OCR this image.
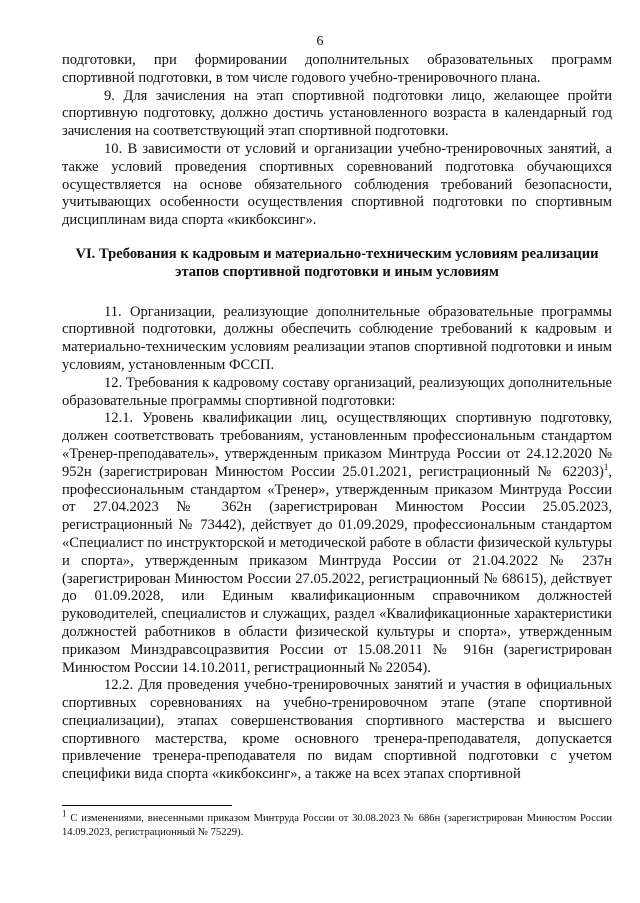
6

подготовки, при формировании дополнительных образовательных программ спортивной подготовки, в том числе годового учебно-тренировочного плана.

9. Для зачисления на этап спортивной подготовки лицо, желающее пройти спортивную подготовку, должно достичь установленного возраста в календарный год зачисления на соответствующий этап спортивной подготовки.

10. В зависимости от условий и организации учебно-тренировочных занятий, а также условий проведения спортивных соревнований подготовка обучающихся осуществляется на основе обязательного соблюдения требований безопасности, учитывающих особенности осуществления спортивной подготовки по спортивным дисциплинам вида спорта «кикбоксинг».

VI. Требования к кадровым и материально-техническим условиям реализации этапов спортивной подготовки и иным условиям

11. Организации, реализующие дополнительные образовательные программы спортивной подготовки, должны обеспечить соблюдение требований к кадровым и материально-техническим условиям реализации этапов спортивной подготовки и иным условиям, установленным ФССП.

12. Требования к кадровому составу организаций, реализующих дополнительные образовательные программы спортивной подготовки:

12.1. Уровень квалификации лиц, осуществляющих спортивную подготовку, должен соответствовать требованиям, установленным профессиональным стандартом «Тренер-преподаватель», утвержденным приказом Минтруда России от 24.12.2020 № 952н (зарегистрирован Минюстом России 25.01.2021, регистрационный № 62203)$^1$, профессиональным стандартом «Тренер», утвержденным приказом Минтруда России от 27.04.2023 № 362н (зарегистрирован Минюстом России 25.05.2023, регистрационный № 73442), действует до 01.09.2029, профессиональным стандартом «Специалист по инструкторской и методической работе в области физической культуры и спорта», утвержденным приказом Минтруда России от 21.04.2022 № 237н (зарегистрирован Минюстом России 27.05.2022, регистрационный № 68615), действует до 01.09.2028, или Единым квалификационным справочником должностей руководителей, специалистов и служащих, раздел «Квалификационные характеристики должностей работников в области физической культуры и спорта», утвержденным приказом Минздравсоцразвития России от 15.08.2011 № 916н (зарегистрирован Минюстом России 14.10.2011, регистрационный № 22054).

12.2. Для проведения учебно-тренировочных занятий и участия в официальных спортивных соревнованиях на учебно-тренировочном этапе (этапе спортивной специализации), этапах совершенствования спортивного мастерства и высшего спортивного мастерства, кроме основного тренера-преподавателя, допускается привлечение тренера-преподавателя по видам спортивной подготовки с учетом специфики вида спорта «кикбоксинг», а также на всех этапах спортивной

$^1$ С изменениями, внесенными приказом Минтруда России от 30.08.2023 № 686н (зарегистрирован Минюстом России 14.09.2023, регистрационный № 75229).
